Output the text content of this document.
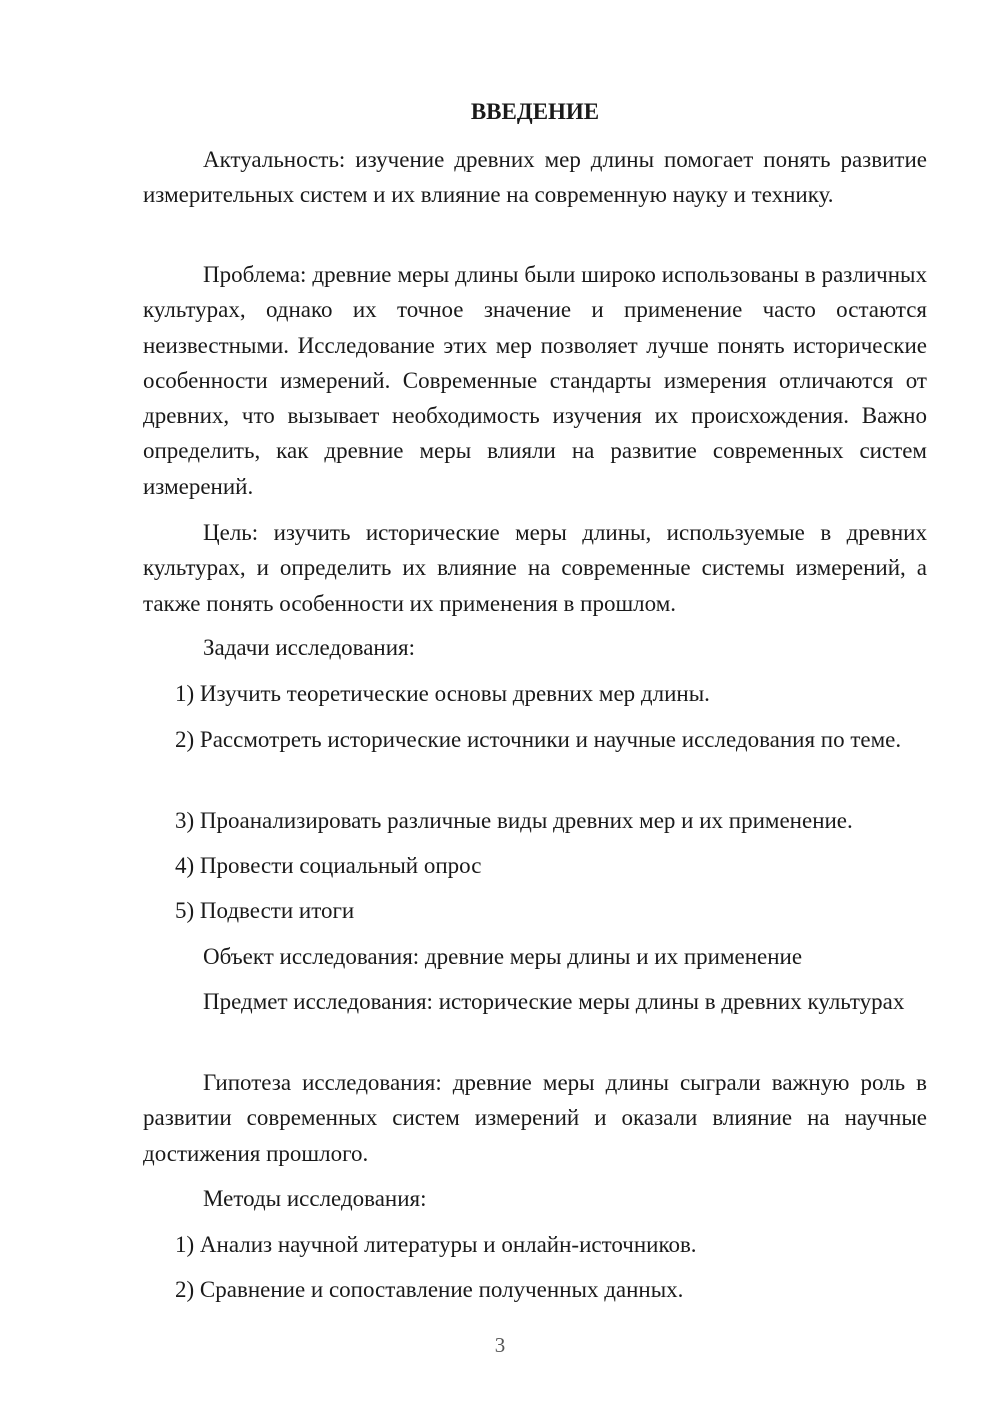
ВВЕДЕНИЕ

Актуальность: изучение древних мер длины помогает понять развитие измерительных систем и их влияние на современную науку и технику.

Проблема: древние меры длины были широко использованы в различных культурах, однако их точное значение и применение часто остаются неизвестными. Исследование этих мер позволяет лучше понять исторические особенности измерений. Современные стандарты измерения отличаются от древних, что вызывает необходимость изучения их происхождения. Важно определить, как древние меры влияли на развитие современных систем измерений.

Цель: изучить исторические меры длины, используемые в древних культурах, и определить их влияние на современные системы измерений, а также понять особенности их применения в прошлом.

Задачи исследования:

1) Изучить теоретические основы древних мер длины.

2) Рассмотреть исторические источники и научные исследования по теме.

3) Проанализировать различные виды древних мер и их применение.

4) Провести социальный опрос

5) Подвести итоги

Объект исследования: древние меры длины и их применение

Предмет исследования: исторические меры длины в древних культурах

Гипотеза исследования: древние меры длины сыграли важную роль в развитии современных систем измерений и оказали влияние на научные достижения прошлого.

Методы исследования:

1) Анализ научной литературы и онлайн-источников.

2) Сравнение и сопоставление полученных данных.

3
